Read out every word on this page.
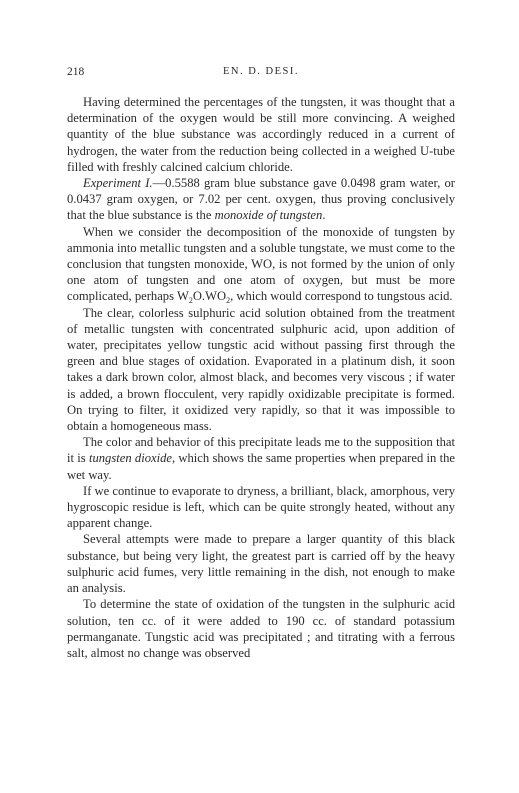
218	EN. D. DESI.

Having determined the percentages of the tungsten, it was thought that a determination of the oxygen would be still more convincing. A weighed quantity of the blue substance was accordingly reduced in a current of hydrogen, the water from the reduction being collected in a weighed U-tube filled with freshly calcined calcium chloride.

Experiment I.—0.5588 gram blue substance gave 0.0498 gram water, or 0.0437 gram oxygen, or 7.02 per cent. oxygen, thus proving conclusively that the blue substance is the monoxide of tungsten.

When we consider the decomposition of the monoxide of tungsten by ammonia into metallic tungsten and a soluble tungstate, we must come to the conclusion that tungsten monoxide, WO, is not formed by the union of only one atom of tungsten and one atom of oxygen, but must be more complicated, perhaps $W_2O.WO_2$, which would correspond to tungstous acid.

The clear, colorless sulphuric acid solution obtained from the treatment of metallic tungsten with concentrated sulphuric acid, upon addition of water, precipitates yellow tungstic acid without passing first through the green and blue stages of oxidation. Evaporated in a platinum dish, it soon takes a dark brown color, almost black, and becomes very viscous ; if water is added, a brown flocculent, very rapidly oxidizable precipitate is formed. On trying to filter, it oxidized very rapidly, so that it was impossible to obtain a homogeneous mass.

The color and behavior of this precipitate leads me to the supposition that it is tungsten dioxide, which shows the same properties when prepared in the wet way.

If we continue to evaporate to dryness, a brilliant, black, amorphous, very hygroscopic residue is left, which can be quite strongly heated, without any apparent change.

Several attempts were made to prepare a larger quantity of this black substance, but being very light, the greatest part is carried off by the heavy sulphuric acid fumes, very little remaining in the dish, not enough to make an analysis.

To determine the state of oxidation of the tungsten in the sulphuric acid solution, ten cc. of it were added to 190 cc. of standard potassium permanganate. Tungstic acid was precipitated ; and titrating with a ferrous salt, almost no change was observed
